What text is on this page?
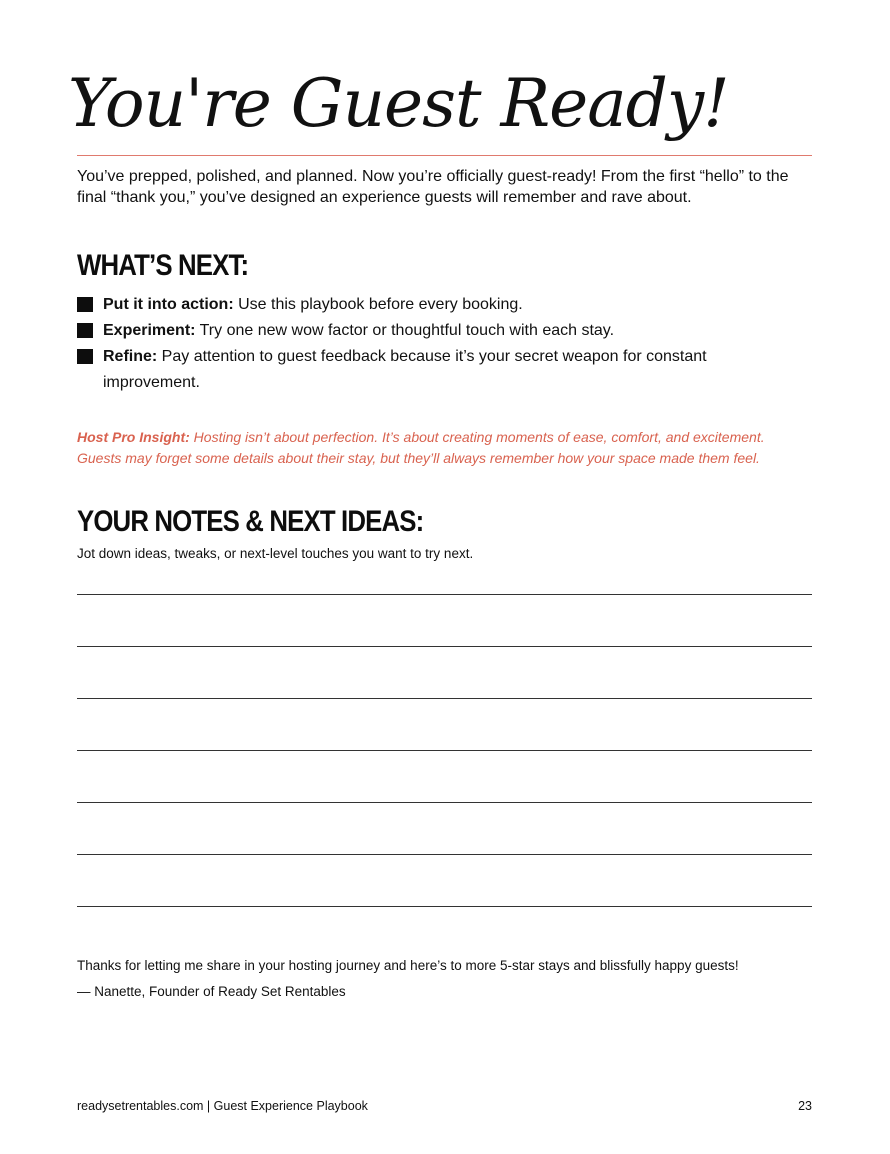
You're Guest Ready!

You’ve prepped, polished, and planned. Now you’re officially guest-ready! From the first “hello” to the final “thank you,” you’ve designed an experience guests will remember and rave about.

WHAT’S NEXT:
Put it into action: Use this playbook before every booking.
Experiment: Try one new wow factor or thoughtful touch with each stay.
Refine: Pay attention to guest feedback because it’s your secret weapon for constant improvement.

Host Pro Insight: Hosting isn’t about perfection. It’s about creating moments of ease, comfort, and excitement. Guests may forget some details about their stay, but they’ll always remember how your space made them feel.

YOUR NOTES & NEXT IDEAS:

Jot down ideas, tweaks, or next-level touches you want to try next.

Thanks for letting me share in your hosting journey and here’s to more 5-star stays and blissfully happy guests!

— Nanette, Founder of Ready Set Rentables

readysetrentables.com | Guest Experience Playbook	23
